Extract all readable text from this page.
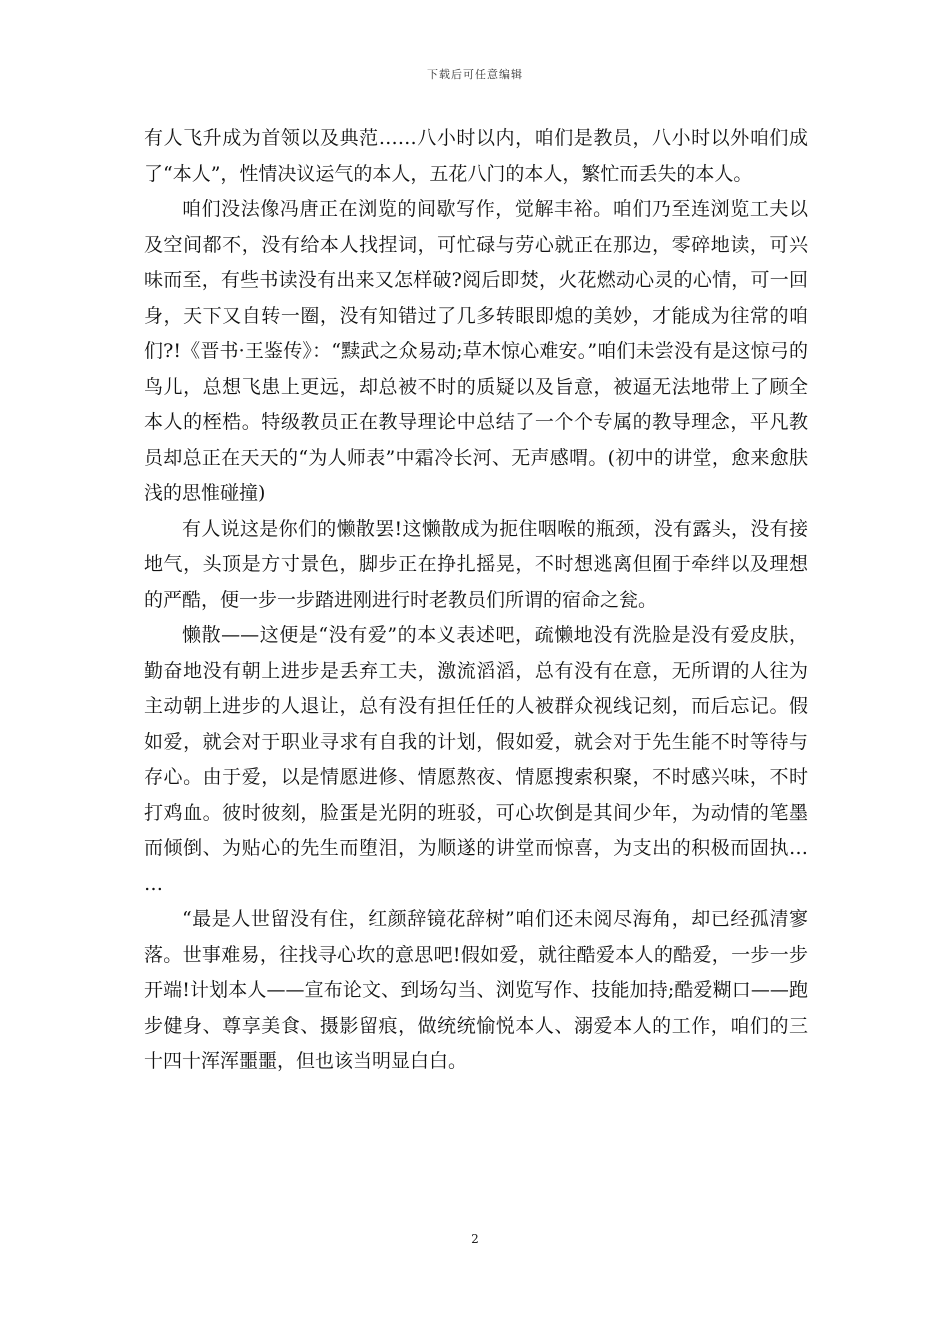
下载后可任意编辑

有人飞升成为首领以及典范……八小时以内，咱们是教员，八小时以外咱们成了“本人”，性情决议运气的本人，五花八门的本人，繁忙而丢失的本人。

咱们没法像冯唐正在浏览的间歇写作，觉解丰裕。咱们乃至连浏览工夫以及空间都不，没有给本人找捏词，可忙碌与劳心就正在那边，零碎地读，可兴味而至，有些书读没有出来又怎样破?阅后即焚，火花燃动心灵的心情，可一回身，天下又自转一圈，没有知错过了几多转眼即熄的美妙，才能成为往常的咱们?!《晋书·王鉴传》：“黩武之众易动;草木惊心难安。”咱们未尝没有是这惊弓的鸟儿，总想飞患上更远，却总被不时的质疑以及旨意，被逼无法地带上了顾全本人的桎梏。特级教员正在教导理论中总结了一个个专属的教导理念，平凡教员却总正在天天的“为人师表”中霜冷长河、无声感喟。(初中的讲堂，愈来愈肤浅的思惟碰撞)

有人说这是你们的懒散罢!这懒散成为扼住咽喉的瓶颈，没有露头，没有接地气，头顶是方寸景色，脚步正在挣扎摇晃，不时想逃离但囿于牵绊以及理想的严酷，便一步一步踏进刚进行时老教员们所谓的宿命之瓮。

懒散——这便是“没有爱”的本义表述吧，疏懒地没有洗脸是没有爱皮肤，勤奋地没有朝上进步是丢弃工夫，激流滔滔，总有没有在意，无所谓的人往为主动朝上进步的人退让，总有没有担任任的人被群众视线记刻，而后忘记。假如爱，就会对于职业寻求有自我的计划，假如爱，就会对于先生能不时等待与存心。由于爱，以是情愿进修、情愿熬夜、情愿搜索积聚，不时感兴味，不时打鸡血。彼时彼刻，脸蛋是光阴的班驳，可心坎倒是其间少年，为动情的笔墨而倾倒、为贴心的先生而堕泪，为顺遂的讲堂而惊喜，为支出的积极而固执……

“最是人世留没有住，红颜辞镜花辞树”咱们还未阅尽海角，却已经孤清寥落。世事难易，往找寻心坎的意思吧!假如爱，就往酷爱本人的酷爱，一步一步开端!计划本人——宣布论文、到场勾当、浏览写作、技能加持;酷爱糊口——跑步健身、尊享美食、摄影留痕，做统统愉悦本人、溺爱本人的工作，咱们的三十四十浑浑噩噩，但也该当明显白白。

2
